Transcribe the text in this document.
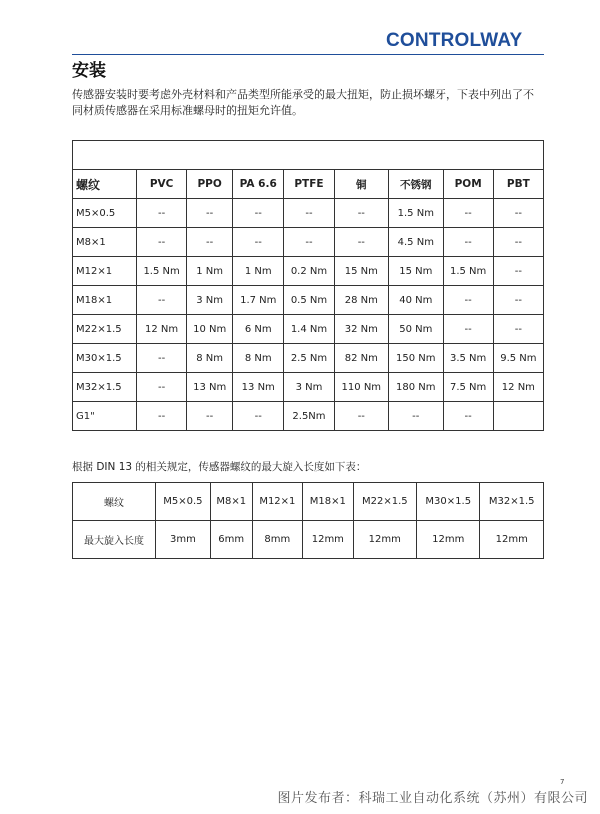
CONTROLWAY
安装
传感器安装时要考虑外壳材料和产品类型所能承受的最大扭矩，防止损坏螺牙，下表中列出了不同材质传感器在采用标准螺母时的扭矩允许值。

螺纹	PVC	PPO	PA 6.6	PTFE	铜	不锈钢	POM	PBT
M5×0.5	--	--	--	--	--	1.5 Nm	--	--
M8×1	--	--	--	--	--	4.5 Nm	--	--
M12×1	1.5 Nm	1 Nm	1 Nm	0.2 Nm	15 Nm	15 Nm	1.5 Nm	--
M18×1	--	3 Nm	1.7 Nm	0.5 Nm	28 Nm	40 Nm	--	--
M22×1.5	12 Nm	10 Nm	6 Nm	1.4 Nm	32 Nm	50 Nm	--	--
M30×1.5	--	8 Nm	8 Nm	2.5 Nm	82 Nm	150 Nm	3.5 Nm	9.5 Nm
M32×1.5	--	13 Nm	13 Nm	3 Nm	110 Nm	180 Nm	7.5 Nm	12 Nm
G1"	--	--	--	2.5Nm	--	--	--	
根据 DIN 13 的相关规定，传感器螺纹的最大旋入长度如下表：
螺纹	M5×0.5	M8×1	M12×1	M18×1	M22×1.5	M30×1.5	M32×1.5
最大旋入长度	3mm	6mm	8mm	12mm	12mm	12mm	12mm
7
图片发布者：科瑞工业自动化系统（苏州）有限公司
